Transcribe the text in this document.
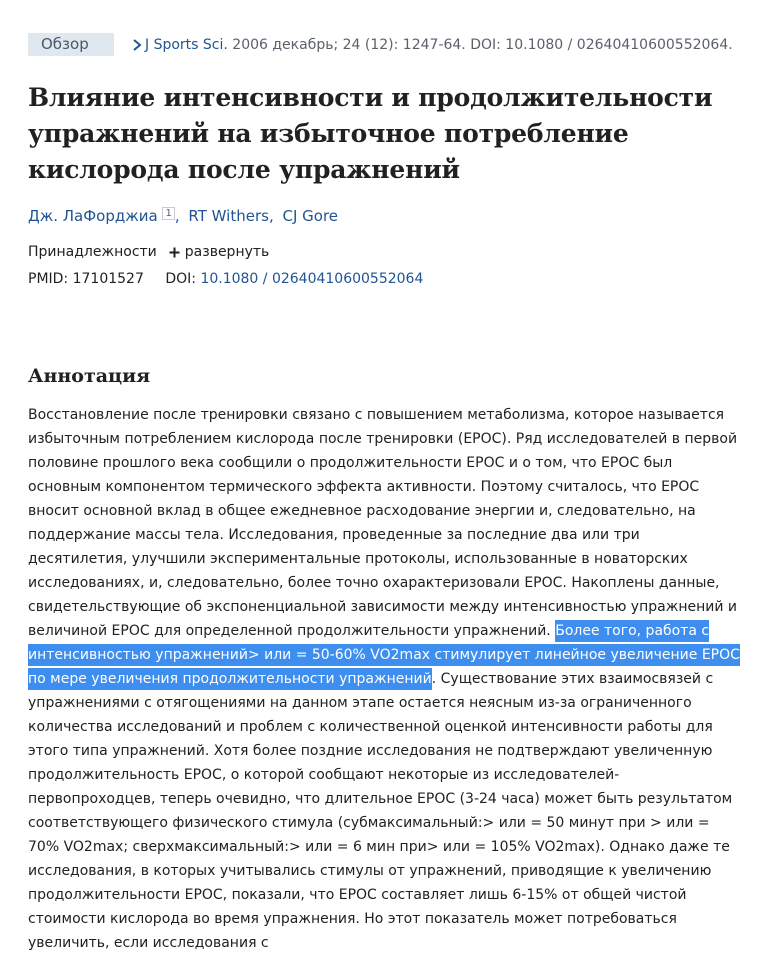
Обзор	J Sports Sci. 2006 декабрь; 24 (12): 1247-64. DOI: 10.1080 / 02640410600552064.
Влияние интенсивности и продолжительности упражнений на избыточное потребление кислорода после упражнений
Дж. ЛаФорджиа $^1$ , RT Withers, CJ Gore
Принадлежности развернуть
PMID: 17101527 DOI: 10.1080 / 02640410600552064
Аннотация
Восстановление после тренировки связано с повышением метаболизма, которое называется избыточным потреблением кислорода после тренировки (EPOC). Ряд исследователей в первой половине прошлого века сообщили о продолжительности EPOC и о том, что EPOC был основным компонентом термического эффекта активности. Поэтому считалось, что EPOC вносит основной вклад в общее ежедневное расходование энергии и, следовательно, на поддержание массы тела. Исследования, проведенные за последние два или три десятилетия, улучшили экспериментальные протоколы, использованные в новаторских исследованиях, и, следовательно, более точно охарактеризовали EPOC. Накоплены данные, свидетельствующие об экспоненциальной зависимости между интенсивностью упражнений и величиной EPOC для определенной продолжительности упражнений. Более того, работа с интенсивностью упражнений> или = 50-60% VO2max стимулирует линейное увеличение EPOC по мере увеличения продолжительности упражнений. Существование этих взаимосвязей с упражнениями с отягощениями на данном этапе остается неясным из-за ограниченного количества исследований и проблем с количественной оценкой интенсивности работы для этого типа упражнений. Хотя более поздние исследования не подтверждают увеличенную продолжительность EPOC, о которой сообщают некоторые из исследователей-первопроходцев, теперь очевидно, что длительное EPOC (3-24 часа) может быть результатом соответствующего физического стимула (субмаксимальный:> или = 50 минут при > или = 70% VO2max; сверхмаксимальный:> или = 6 мин при> или = 105% VO2max). Однако даже те исследования, в которых учитывались стимулы от упражнений, приводящие к увеличению продолжительности EPOC, показали, что EPOC составляет лишь 6-15% от общей чистой стоимости кислорода во время упражнения. Но этот показатель может потребоваться увеличить, если исследования с
